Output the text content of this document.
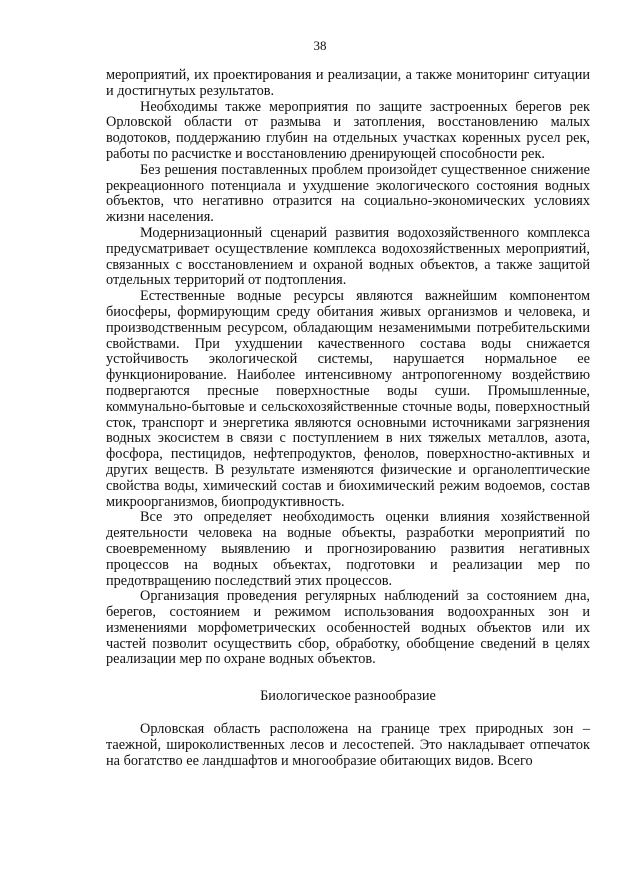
38

мероприятий, их проектирования и реализации, а также мониторинг ситуации и достигнутых результатов.

Необходимы также мероприятия по защите застроенных берегов рек Орловской области от размыва и затопления, восстановлению малых водотоков, поддержанию глубин на отдельных участках коренных русел рек, работы по расчистке и восстановлению дренирующей способности рек.

Без решения поставленных проблем произойдет существенное снижение рекреационного потенциала и ухудшение экологического состояния водных объектов, что негативно отразится на социально-экономических условиях жизни населения.

Модернизационный сценарий развития водохозяйственного комплекса предусматривает осуществление комплекса водохозяйственных мероприятий, связанных с восстановлением и охраной водных объектов, а также защитой отдельных территорий от подтопления.

Естественные водные ресурсы являются важнейшим компонентом биосферы, формирующим среду обитания живых организмов и человека, и производственным ресурсом, обладающим незаменимыми потребительскими свойствами. При ухудшении качественного состава воды снижается устойчивость экологической системы, нарушается нормальное ее функционирование. Наиболее интенсивному антропогенному воздействию подвергаются пресные поверхностные воды суши. Промышленные, коммунально-бытовые и сельскохозяйственные сточные воды, поверхностный сток, транспорт и энергетика являются основными источниками загрязнения водных экосистем в связи с поступлением в них тяжелых металлов, азота, фосфора, пестицидов, нефтепродуктов, фенолов, поверхностно-активных и других веществ. В результате изменяются физические и органолептические свойства воды, химический состав и биохимический режим водоемов, состав микроорганизмов, биопродуктивность.

Все это определяет необходимость оценки влияния хозяйственной деятельности человека на водные объекты, разработки мероприятий по своевременному выявлению и прогнозированию развития негативных процессов на водных объектах, подготовки и реализации мер по предотвращению последствий этих процессов.

Организация проведения регулярных наблюдений за состоянием дна, берегов, состоянием и режимом использования водоохранных зон и изменениями морфометрических особенностей водных объектов или их частей позволит осуществить сбор, обработку, обобщение сведений в целях реализации мер по охране водных объектов.

Биологическое разнообразие

Орловская область расположена на границе трех природных зон – таежной, широколиственных лесов и лесостепей. Это накладывает отпечаток на богатство ее ландшафтов и многообразие обитающих видов. Всего
